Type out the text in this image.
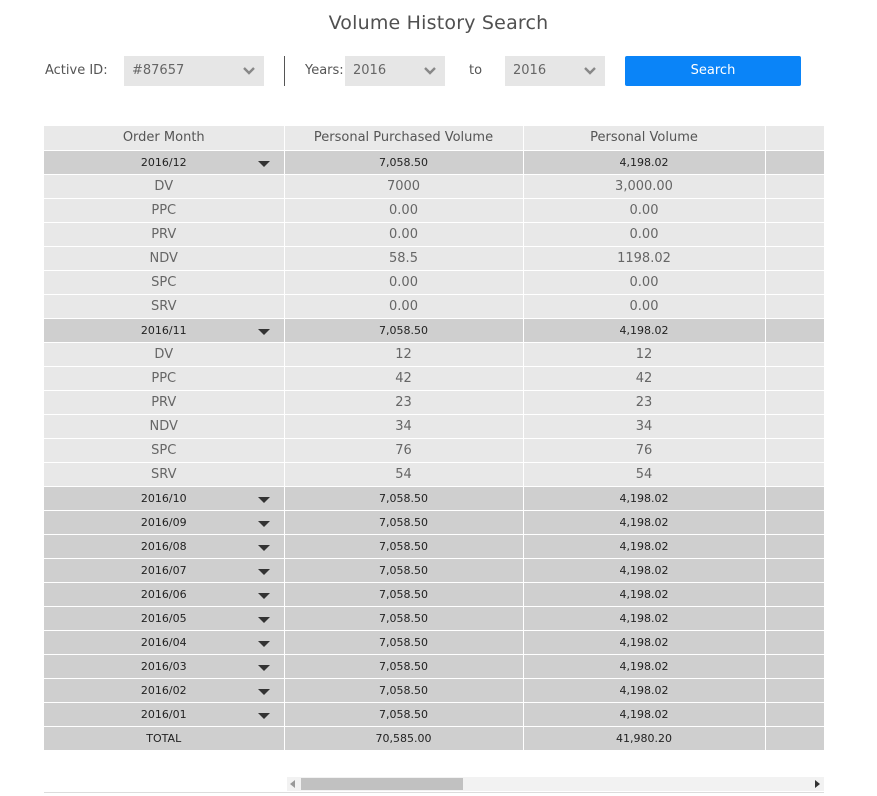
Volume History Search
Active ID:	#87657	Years: 2016	to	2016	Search
Order Month	Personal Purchased Volume	Personal Volume	
2016/12	7,058.50	4,198.02	
DV	7000	3,000.00	
PPC	0.00	0.00	
PRV	0.00	0.00	
NDV	58.5	1198.02	
SPC	0.00	0.00	
SRV	0.00	0.00	
2016/11	7,058.50	4,198.02	
DV	12	12	
PPC	42	42	
PRV	23	23	
NDV	34	34	
SPC	76	76	
SRV	54	54	
2016/10	7,058.50	4,198.02	
2016/09	7,058.50	4,198.02	
2016/08	7,058.50	4,198.02	
2016/07	7,058.50	4,198.02	
2016/06	7,058.50	4,198.02	
2016/05	7,058.50	4,198.02	
2016/04	7,058.50	4,198.02	
2016/03	7,058.50	4,198.02	
2016/02	7,058.50	4,198.02	
2016/01	7,058.50	4,198.02	
TOTAL	70,585.00	41,980.20	
